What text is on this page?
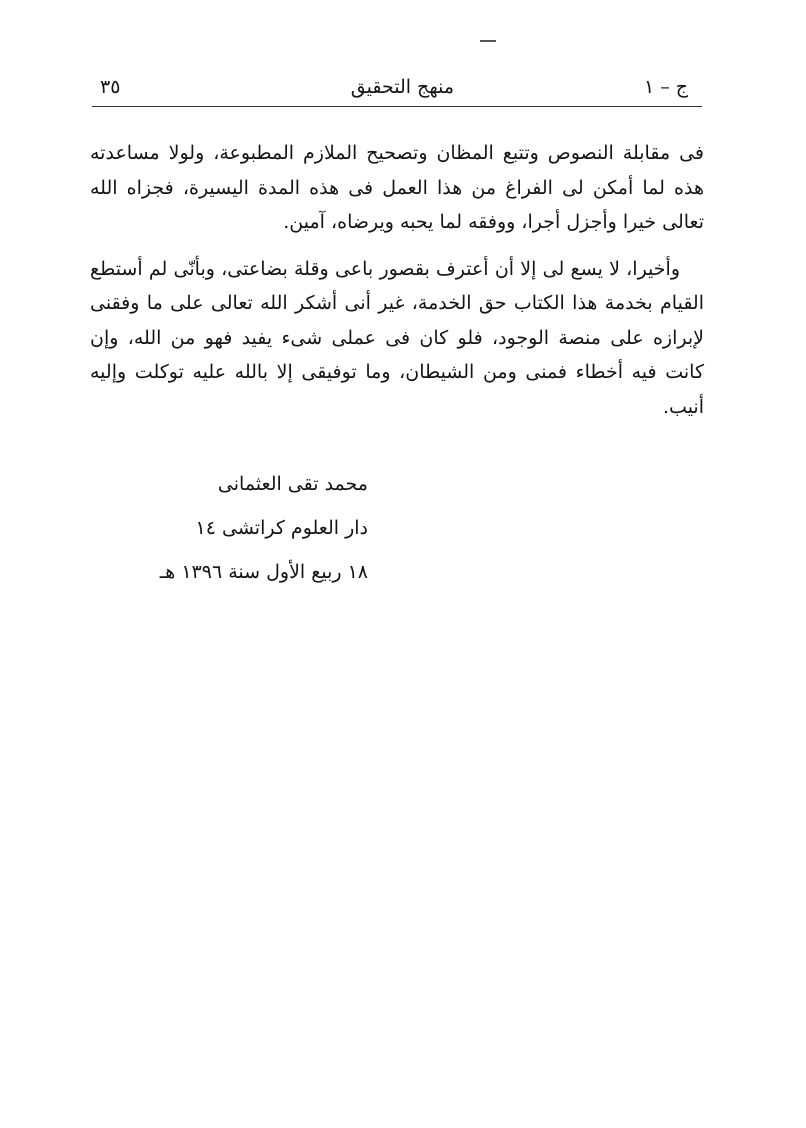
ج – ١
منهج التحقيق
٣٥

فى مقابلة النصوص وتتبع المظان وتصحيح الملازم المطبوعة، ولولا مساعدته هذه لما أمكن لى الفراغ من هذا العمل فى هذه المدة اليسيرة، فجزاه الله تعالى خيرا وأجزل أجرا، ووفقه لما يحبه ويرضاه، آمين.

وأخيرا، لا يسع لى إلا أن أعترف بقصور باعى وقلة بضاعتى، وبأنّى لم أستطع القيام بخدمة هذا الكتاب حق الخدمة، غير أنى أشكر الله تعالى على ما وفقنى لإبرازه على منصة الوجود، فلو كان فى عملى شىء يفيد فهو من الله، وإن كانت فيه أخطاء فمنى ومن الشيطان، وما توفيقى إلا بالله عليه توكلت وإليه أنيب.

محمد تقى العثمانى
دار العلوم كراتشى ١٤
١٨ ربيع الأول سنة ١٣٩٦ هـ
